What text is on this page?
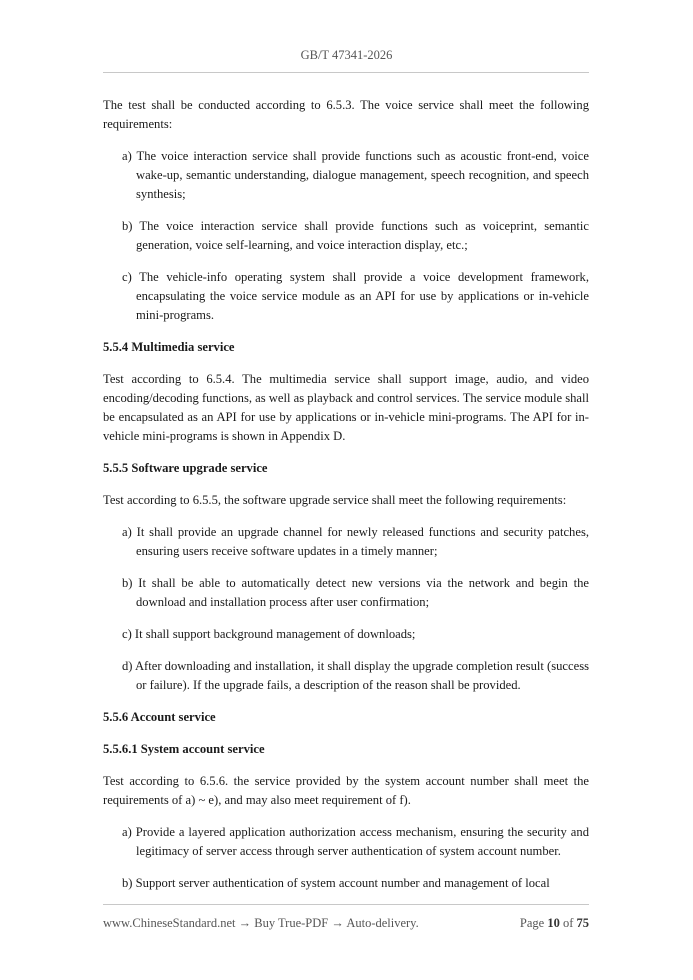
GB/T 47341-2026

The test shall be conducted according to 6.5.3. The voice service shall meet the following requirements:

a) The voice interaction service shall provide functions such as acoustic front-end, voice wake-up, semantic understanding, dialogue management, speech recognition, and speech synthesis;

b) The voice interaction service shall provide functions such as voiceprint, semantic generation, voice self-learning, and voice interaction display, etc.;

c) The vehicle-info operating system shall provide a voice development framework, encapsulating the voice service module as an API for use by applications or in-vehicle mini-programs.

5.5.4 Multimedia service

Test according to 6.5.4. The multimedia service shall support image, audio, and video encoding/decoding functions, as well as playback and control services. The service module shall be encapsulated as an API for use by applications or in-vehicle mini-programs. The API for in-vehicle mini-programs is shown in Appendix D.

5.5.5 Software upgrade service

Test according to 6.5.5, the software upgrade service shall meet the following requirements:

a) It shall provide an upgrade channel for newly released functions and security patches, ensuring users receive software updates in a timely manner;

b) It shall be able to automatically detect new versions via the network and begin the download and installation process after user confirmation;

c) It shall support background management of downloads;

d) After downloading and installation, it shall display the upgrade completion result (success or failure). If the upgrade fails, a description of the reason shall be provided.

5.5.6 Account service

5.5.6.1 System account service

Test according to 6.5.6. the service provided by the system account number shall meet the requirements of a) ~ e), and may also meet requirement of f).

a) Provide a layered application authorization access mechanism, ensuring the security and legitimacy of server access through server authentication of system account number.

b) Support server authentication of system account number and management of local

www.ChineseStandard.net → Buy True-PDF → Auto-delivery.	Page 10 of 75
